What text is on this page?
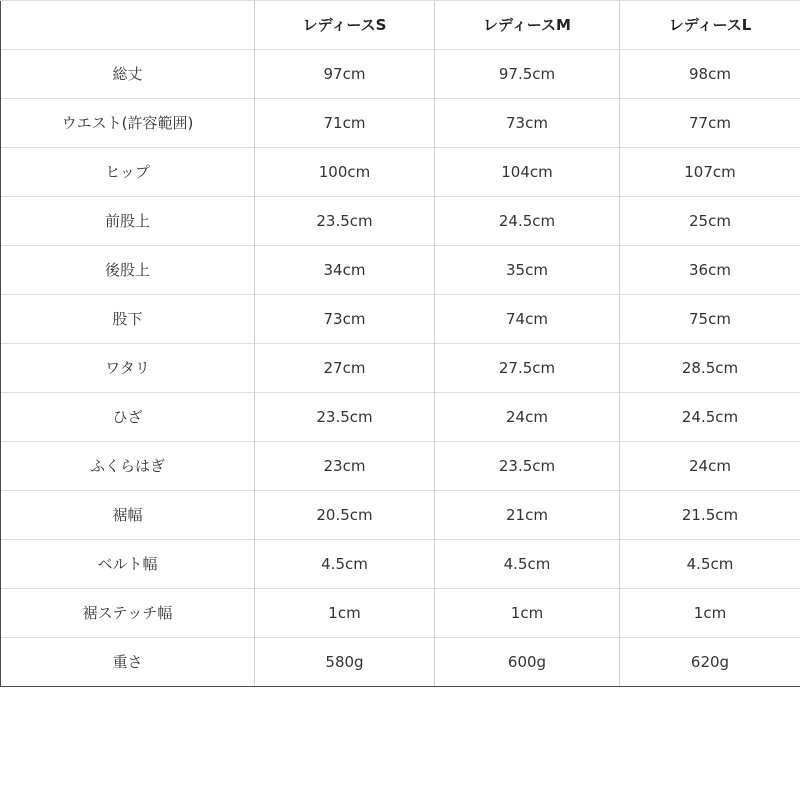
	レディースS	レディースM	レディースL
総丈	97cm	97.5cm	98cm
ウエスト(許容範囲)	71cm	73cm	77cm
ヒップ	100cm	104cm	107cm
前股上	23.5cm	24.5cm	25cm
後股上	34cm	35cm	36cm
股下	73cm	74cm	75cm
ワタリ	27cm	27.5cm	28.5cm
ひざ	23.5cm	24cm	24.5cm
ふくらはぎ	23cm	23.5cm	24cm
裾幅	20.5cm	21cm	21.5cm
ベルト幅	4.5cm	4.5cm	4.5cm
裾ステッチ幅	1cm	1cm	1cm
重さ	580g	600g	620g
